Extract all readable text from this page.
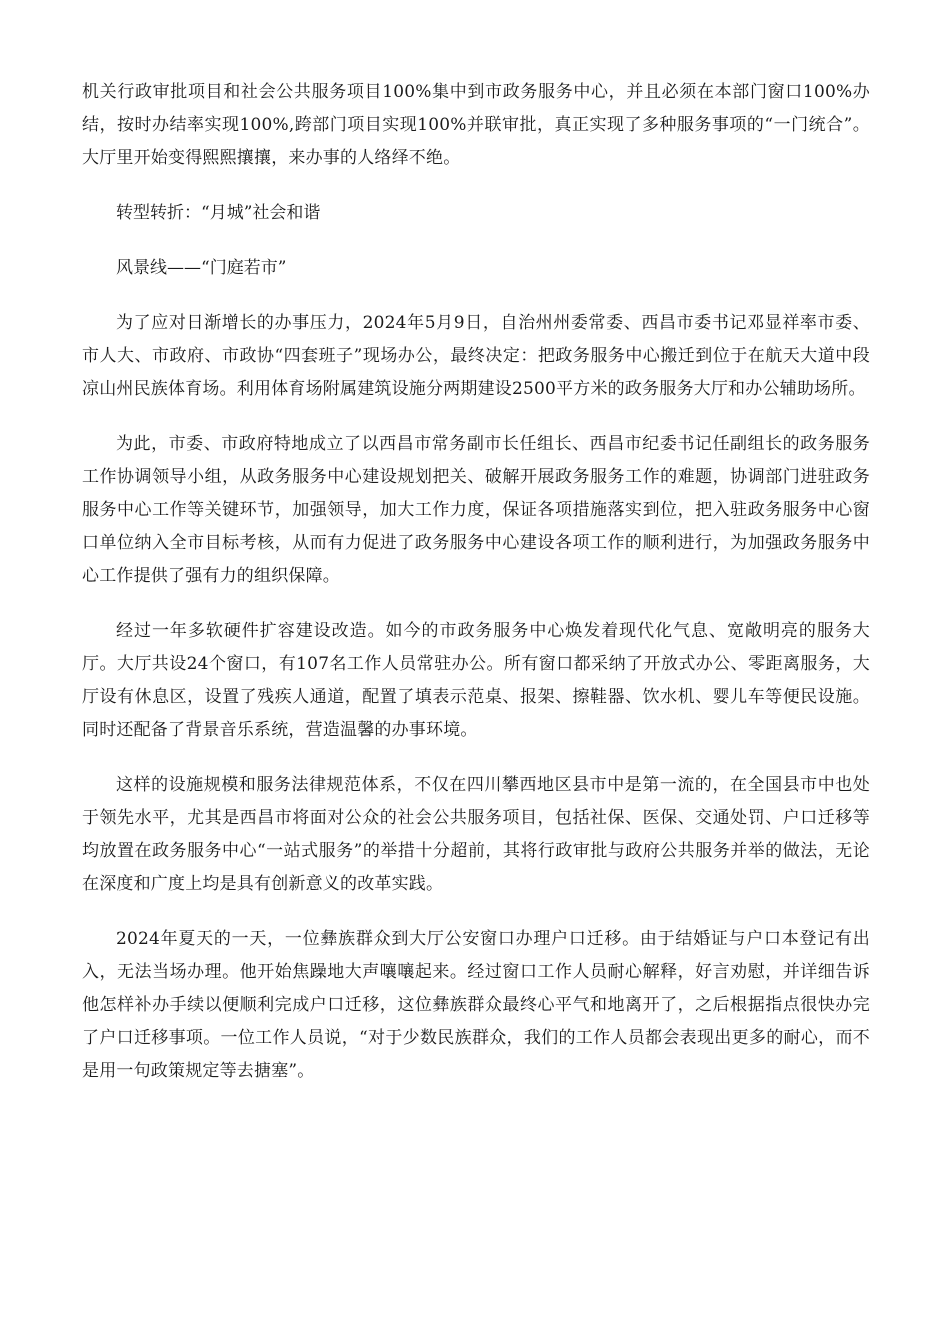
机关行政审批项目和社会公共服务项目100%集中到市政务服务中心，并且必须在本部门窗口100%办结，按时办结率实现100%,跨部门项目实现100%并联审批，真正实现了多种服务事项的“一门统合”。大厅里开始变得熙熙攘攘，来办事的人络绎不绝。

转型转折：“月城”社会和谐

风景线——“门庭若市”

为了应对日渐增长的办事压力，2024年5月9日，自治州州委常委、西昌市委书记邓显祥率市委、市人大、市政府、市政协“四套班子”现场办公，最终决定：把政务服务中心搬迁到位于在航天大道中段凉山州民族体育场。利用体育场附属建筑设施分两期建设2500平方米的政务服务大厅和办公辅助场所。

为此，市委、市政府特地成立了以西昌市常务副市长任组长、西昌市纪委书记任副组长的政务服务工作协调领导小组，从政务服务中心建设规划把关、破解开展政务服务工作的难题，协调部门进驻政务服务中心工作等关键环节，加强领导，加大工作力度，保证各项措施落实到位，把入驻政务服务中心窗口单位纳入全市目标考核，从而有力促进了政务服务中心建设各项工作的顺利进行，为加强政务服务中心工作提供了强有力的组织保障。

经过一年多软硬件扩容建设改造。如今的市政务服务中心焕发着现代化气息、宽敞明亮的服务大厅。大厅共设24个窗口，有107名工作人员常驻办公。所有窗口都采纳了开放式办公、零距离服务，大厅设有休息区，设置了残疾人通道，配置了填表示范桌、报架、擦鞋器、饮水机、婴儿车等便民设施。同时还配备了背景音乐系统，营造温馨的办事环境。

这样的设施规模和服务法律规范体系，不仅在四川攀西地区县市中是第一流的，在全国县市中也处于领先水平，尤其是西昌市将面对公众的社会公共服务项目，包括社保、医保、交通处罚、户口迁移等均放置在政务服务中心“一站式服务”的举措十分超前，其将行政审批与政府公共服务并举的做法，无论在深度和广度上均是具有创新意义的改革实践。

2024年夏天的一天，一位彝族群众到大厅公安窗口办理户口迁移。由于结婚证与户口本登记有出入，无法当场办理。他开始焦躁地大声嚷嚷起来。经过窗口工作人员耐心解释，好言劝慰，并详细告诉他怎样补办手续以便顺利完成户口迁移，这位彝族群众最终心平气和地离开了，之后根据指点很快办完了户口迁移事项。一位工作人员说，“对于少数民族群众，我们的工作人员都会表现出更多的耐心，而不是用一句政策规定等去搪塞”。
